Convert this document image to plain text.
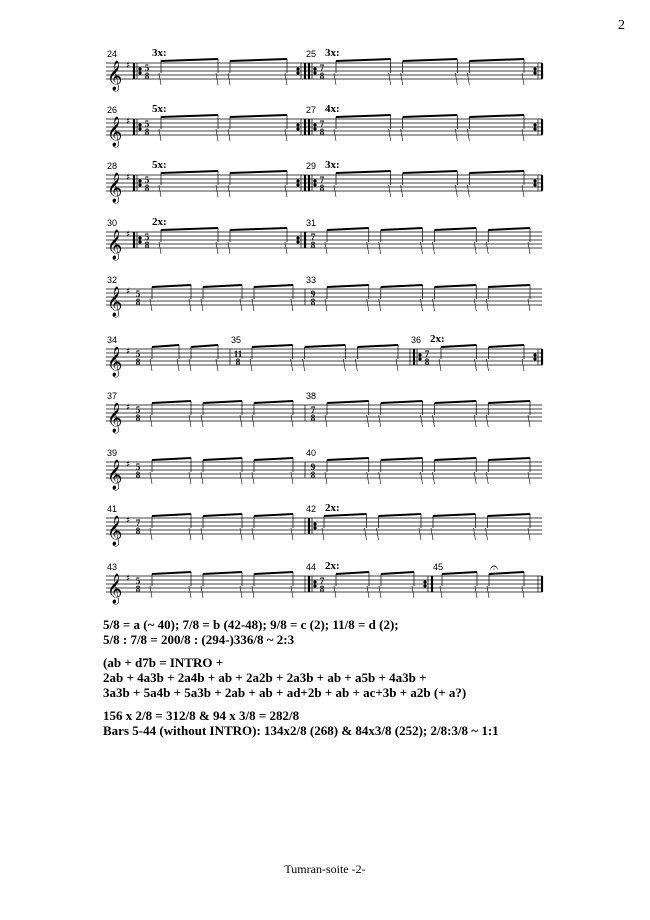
2
𝄞 ♯
24
5
8
3x:	25
7
8
3x:
𝄞 ♯
26
5
8
5x:	27
7
8
4x:
𝄞 ♯
28
5
8
5x:	29
7
8
3x:
𝄞 ♯
30
5
8
2x:	31
7
8
𝄞 ♯
32
5
8
33
9
8
𝄞 ♯
34
5
8
35
11
8
36
7
8
2x:
𝄞 ♯
37
5
8
38
7
8
𝄞 ♯
39
5
8
40
9
8
𝄞 ♯
41
7
8
42 2x:
𝄞 ♯
43
5
8
44
7
8
2x:	45	𝄐
5/8 = a (~ 40); 7/8 = b (42-48); 9/8 = c (2); 11/8 = d (2);
5/8 : 7/8 = 200/8 : (294-)336/8 ~ 2:3
(ab + d7b = INTRO +
2ab + 4a3b + 2a4b + ab + 2a2b + 2a3b + ab + a5b + 4a3b +
3a3b + 5a4b + 5a3b + 2ab + ab + ad+2b + ab + ac+3b + a2b (+ a?)
156 x 2/8 = 312/8 & 94 x 3/8 = 282/8
Bars 5-44 (without INTRO): 134x2/8 (268) & 84x3/8 (252); 2/8:3/8 ~ 1:1
Tumran-soite -2-
